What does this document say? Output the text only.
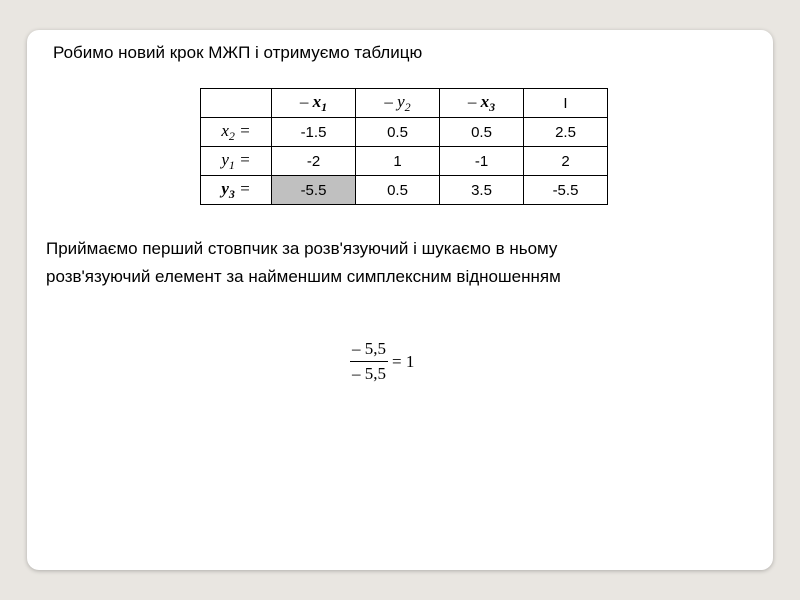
Робимо новий крок МЖП і отримуємо таблицю
	– $x_1$	– $y_2$	– $x_3$	I
$x_2$ =	-1.5	0.5	0.5	2.5
$y_1$ =	-2	1	-1	2
$y_3$ =	-5.5	0.5	3.5	-5.5
Приймаємо перший стовпчик за розв'язуючий і шукаємо в ньому
розв'язуючий елемент за найменшим симплексним відношенням
$\frac{- 5,5}{- 5,5} = 1$
